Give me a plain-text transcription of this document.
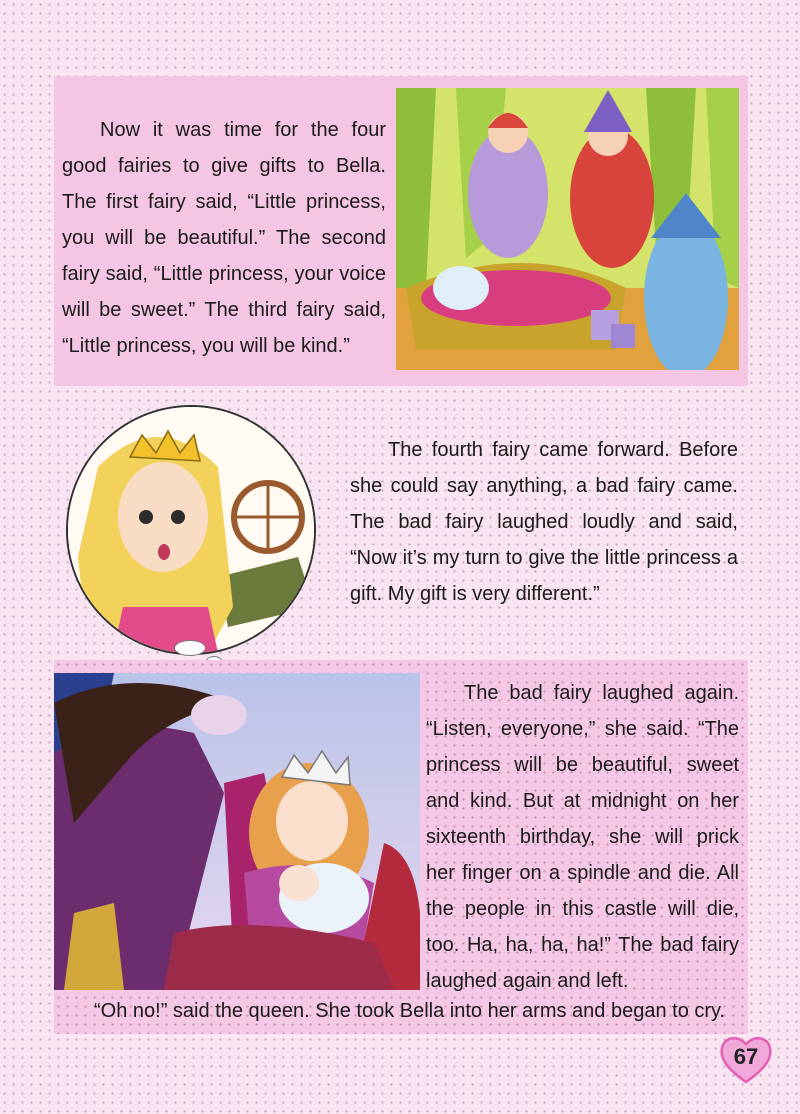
Now it was time for the four good fairies to give gifts to Bella. The first fairy said, “Little princess, you will be beautiful.” The second fairy said, “Little princess, your voice will be sweet.” The third fairy said, “Little princess, you will be kind.”

The fourth fairy came forward. Before she could say anything, a bad fairy came. The bad fairy laughed loudly and said, “Now it’s my turn to give the little princess a gift. My gift is very different.”

The bad fairy laughed again. “Listen, everyone,” she said. “The princess will be beautiful, sweet and kind. But at midnight on her sixteenth birthday, she will prick her finger on a spindle and die. All the people in this castle will die, too. Ha, ha, ha, ha!” The bad fairy laughed again and left.

“Oh no!” said the queen. She took Bella into her arms and began to cry.

67
